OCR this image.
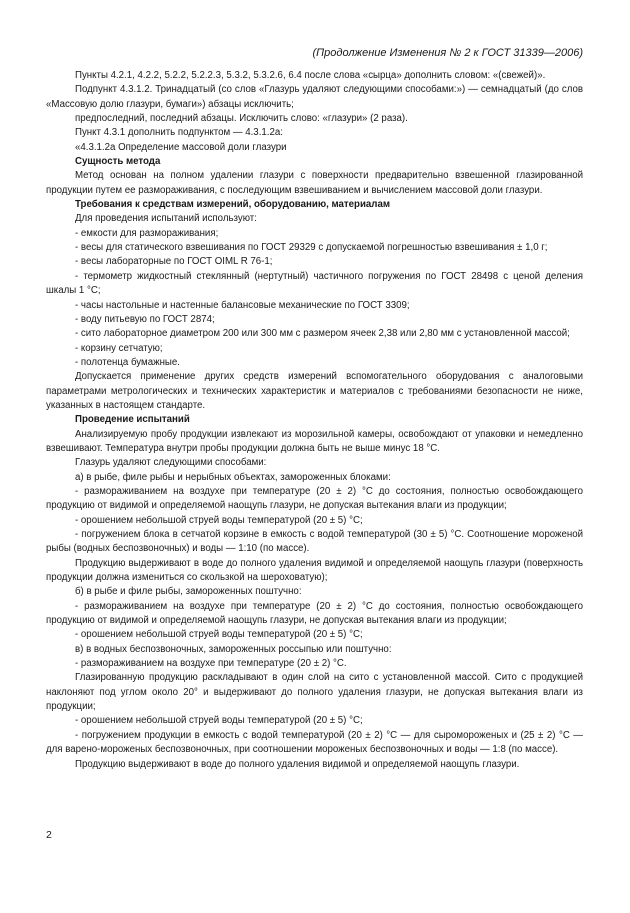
(Продолжение Изменения № 2 к ГОСТ 31339—2006)

Пункты 4.2.1, 4.2.2, 5.2.2, 5.2.2.3, 5.3.2, 5.3.2.6, 6.4 после слова «сырца» дополнить словом: «(свежей)».

Подпункт 4.3.1.2. Тринадцатый (со слов «Глазурь удаляют следующими способами:») — семнадцатый (до слов «Массовую долю глазури, бумаги») абзацы исключить;

предпоследний, последний абзацы. Исключить слово: «глазури» (2 раза).

Пункт 4.3.1 дополнить подпунктом — 4.3.1.2а:

«4.3.1.2а Определение массовой доли глазури

Сущность метода

Метод основан на полном удалении глазури с поверхности предварительно взвешенной глазированной продукции путем ее размораживания, с последующим взвешиванием и вычислением массовой доли глазури.

Требования к средствам измерений, оборудованию, материалам

Для проведения испытаний используют:

- емкости для размораживания;

- весы для статического взвешивания по ГОСТ 29329 с допускаемой погрешностью взвешивания ± 1,0 г;

- весы лабораторные по ГОСТ OIML R 76-1;

- термометр жидкостный стеклянный (нертутный) частичного погружения по ГОСТ 28498 с ценой деления шкалы 1 °С;

- часы настольные и настенные балансовые механические по ГОСТ 3309;

- воду питьевую по ГОСТ 2874;

- сито лабораторное диаметром 200 или 300 мм с размером ячеек 2,38 или 2,80 мм с установленной массой;

- корзину сетчатую;

- полотенца бумажные.

Допускается применение других средств измерений вспомогательного оборудования с аналоговыми параметрами метрологических и технических характеристик и материалов с требованиями безопасности не ниже, указанных в настоящем стандарте.

Проведение испытаний

Анализируемую пробу продукции извлекают из морозильной камеры, освобождают от упаковки и немедленно взвешивают. Температура внутри пробы продукции должна быть не выше минус 18 °С.

Глазурь удаляют следующими способами:

а) в рыбе, филе рыбы и нерыбных объектах, замороженных блоками:

- размораживанием на воздухе при температуре (20 ± 2) °С до состояния, полностью освобождающего продукцию от видимой и определяемой наощупь глазури, не допуская вытекания влаги из продукции;

- орошением небольшой струей воды температурой (20 ± 5) °С;

- погружением блока в сетчатой корзине в емкость с водой температурой (30 ± 5) °С. Соотношение мороженой рыбы (водных беспозвоночных) и воды — 1:10 (по массе).

Продукцию выдерживают в воде до полного удаления видимой и определяемой наощупь глазури (поверхность продукции должна измениться со скользкой на шероховатую);

б) в рыбе и филе рыбы, замороженных поштучно:

- размораживанием на воздухе при температуре (20 ± 2) °С до состояния, полностью освобождающего продукцию от видимой и определяемой наощупь глазури, не допуская вытекания влаги из продукции;

- орошением небольшой струей воды температурой (20 ± 5) °С;

в) в водных беспозвоночных, замороженных россыпью или поштучно:

- размораживанием на воздухе при температуре (20 ± 2) °С.

Глазированную продукцию раскладывают в один слой на сито с установленной массой. Сито с продукцией наклоняют под углом около 20° и выдерживают до полного удаления глазури, не допуская вытекания влаги из продукции;

- орошением небольшой струей воды температурой (20 ± 5) °С;

- погружением продукции в емкость с водой температурой (20 ± 2) °С — для сыромороженых и (25 ± 2) °С — для варено-мороженых беспозвоночных, при соотношении мороженых беспозвоночных и воды — 1:8 (по массе).

Продукцию выдерживают в воде до полного удаления видимой и определяемой наощупь глазури.

2
